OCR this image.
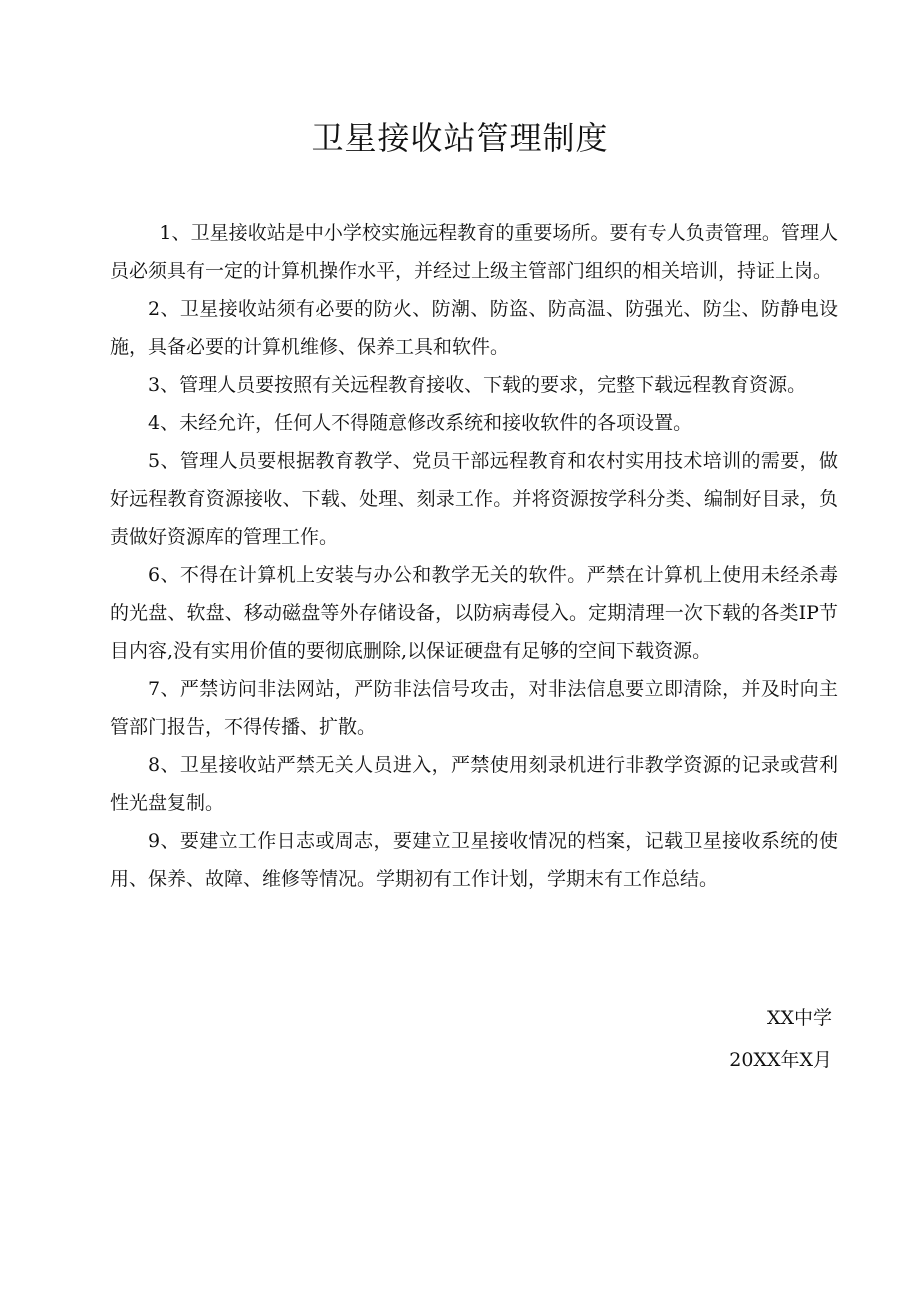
卫星接收站管理制度

1、卫星接收站是中小学校实施远程教育的重要场所。要有专人负责管理。管理人员必须具有一定的计算机操作水平，并经过上级主管部门组织的相关培训，持证上岗。

2、卫星接收站须有必要的防火、防潮、防盗、防高温、防强光、防尘、防静电设施，具备必要的计算机维修、保养工具和软件。

3、管理人员要按照有关远程教育接收、下载的要求，完整下载远程教育资源。

4、未经允许，任何人不得随意修改系统和接收软件的各项设置。

5、管理人员要根据教育教学、党员干部远程教育和农村实用技术培训的需要，做好远程教育资源接收、下载、处理、刻录工作。并将资源按学科分类、编制好目录，负责做好资源库的管理工作。

6、不得在计算机上安装与办公和教学无关的软件。严禁在计算机上使用未经杀毒的光盘、软盘、移动磁盘等外存储设备，以防病毒侵入。定期清理一次下载的各类IP节目内容,没有实用价值的要彻底删除,以保证硬盘有足够的空间下载资源。

7、严禁访问非法网站，严防非法信号攻击，对非法信息要立即清除，并及时向主管部门报告，不得传播、扩散。

8、卫星接收站严禁无关人员进入，严禁使用刻录机进行非教学资源的记录或营利性光盘复制。

9、要建立工作日志或周志，要建立卫星接收情况的档案，记载卫星接收系统的使用、保养、故障、维修等情况。学期初有工作计划，学期末有工作总结。

XX中学
20XX年X月
